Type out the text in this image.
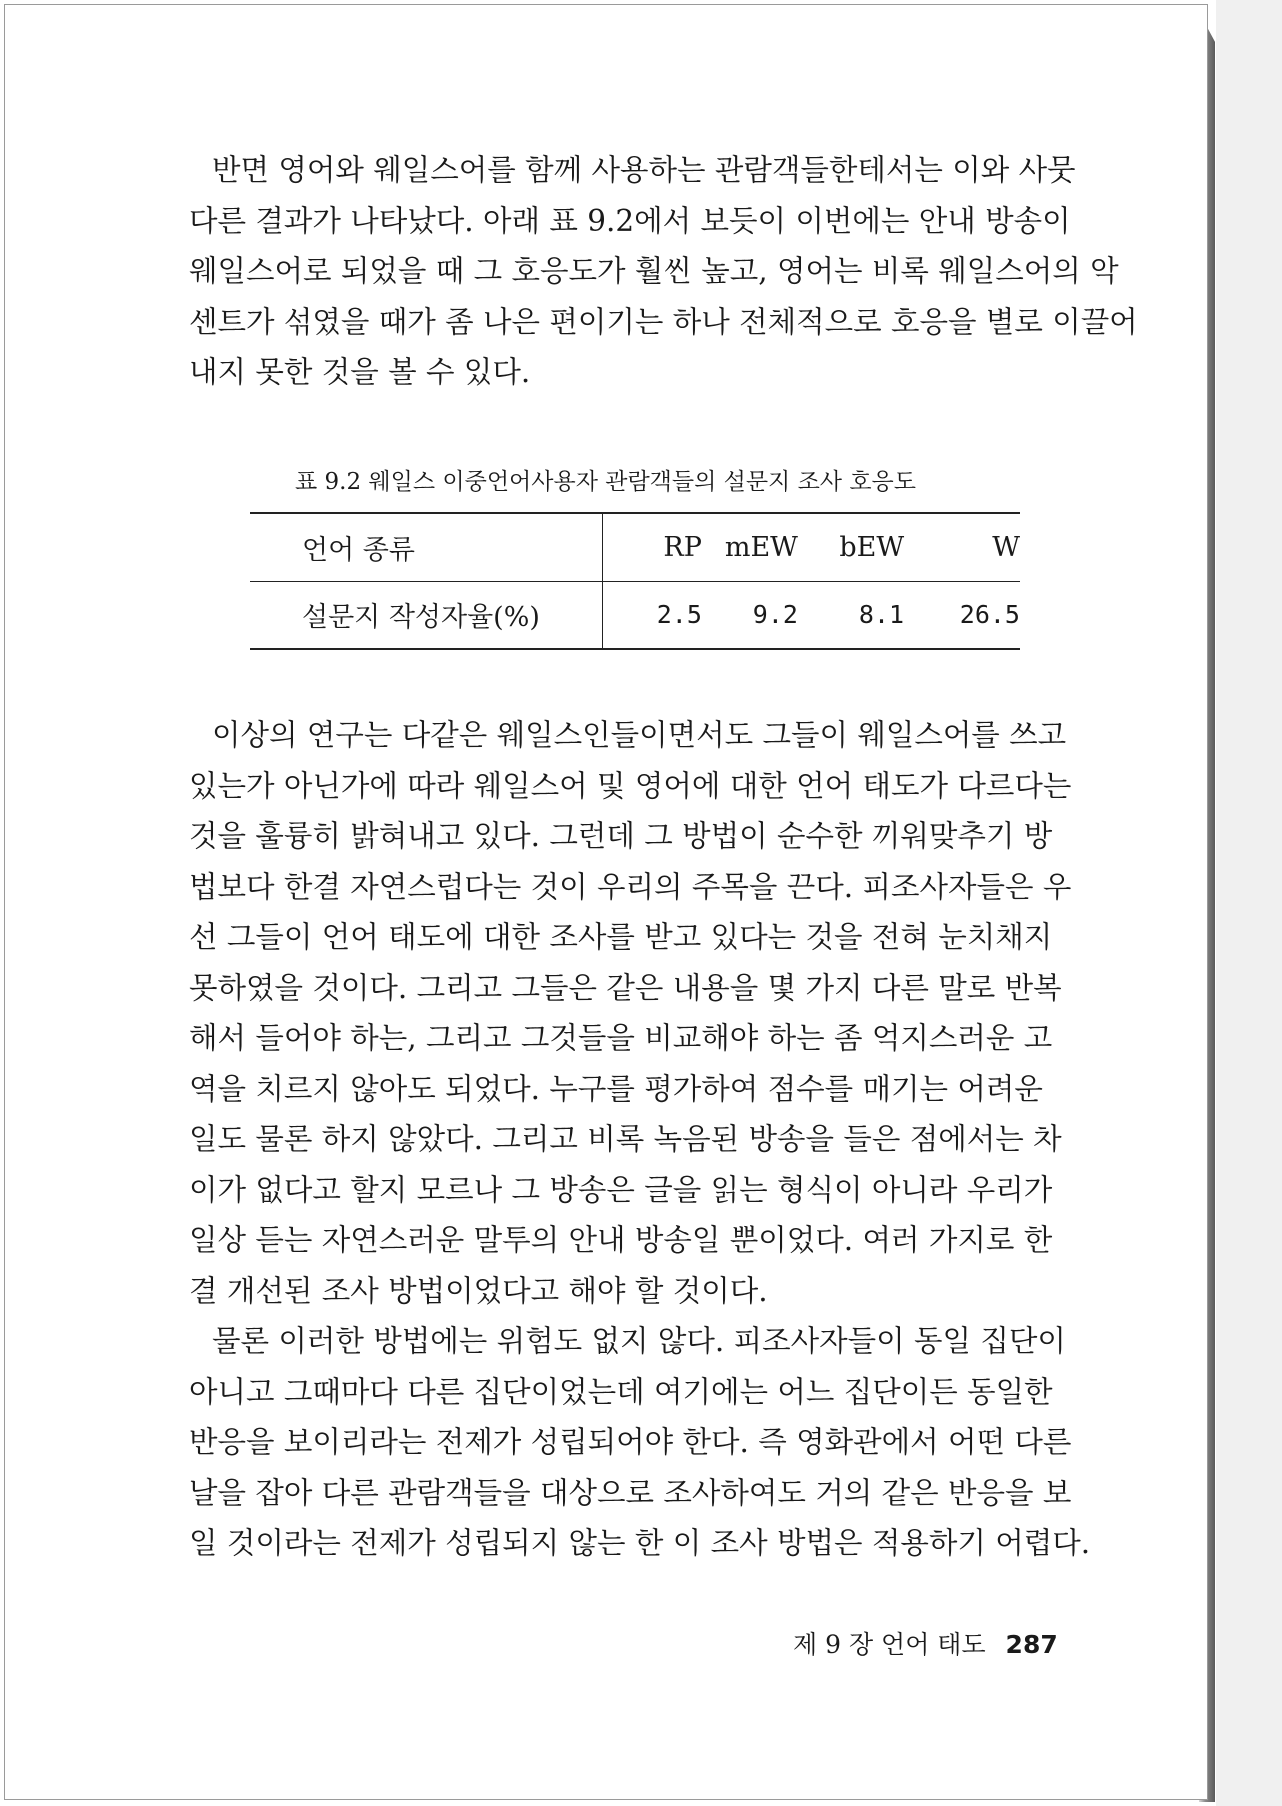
반면 영어와 웨일스어를 함께 사용하는 관람객들한테서는 이와 사뭇
다른 결과가 나타났다. 아래 표 9.2에서 보듯이 이번에는 안내 방송이
웨일스어로 되었을 때 그 호응도가 훨씬 높고, 영어는 비록 웨일스어의 악
센트가 섞였을 때가 좀 나은 편이기는 하나 전체적으로 호응을 별로 이끌어
내지 못한 것을 볼 수 있다.

표 9.2 웨일스 이중언어사용자 관람객들의 설문지 조사 호응도
언어 종류	RP	mEW	bEW	W
설문지 작성자율(%)	2.5	9.2	8.1	26.5

이상의 연구는 다같은 웨일스인들이면서도 그들이 웨일스어를 쓰고
있는가 아닌가에 따라 웨일스어 및 영어에 대한 언어 태도가 다르다는
것을 훌륭히 밝혀내고 있다. 그런데 그 방법이 순수한 끼워맞추기 방
법보다 한결 자연스럽다는 것이 우리의 주목을 끈다. 피조사자들은 우
선 그들이 언어 태도에 대한 조사를 받고 있다는 것을 전혀 눈치채지
못하였을 것이다. 그리고 그들은 같은 내용을 몇 가지 다른 말로 반복
해서 들어야 하는, 그리고 그것들을 비교해야 하는 좀 억지스러운 고
역을 치르지 않아도 되었다. 누구를 평가하여 점수를 매기는 어려운
일도 물론 하지 않았다. 그리고 비록 녹음된 방송을 들은 점에서는 차
이가 없다고 할지 모르나 그 방송은 글을 읽는 형식이 아니라 우리가
일상 듣는 자연스러운 말투의 안내 방송일 뿐이었다. 여러 가지로 한
결 개선된 조사 방법이었다고 해야 할 것이다.

물론 이러한 방법에는 위험도 없지 않다. 피조사자들이 동일 집단이
아니고 그때마다 다른 집단이었는데 여기에는 어느 집단이든 동일한
반응을 보이리라는 전제가 성립되어야 한다. 즉 영화관에서 어떤 다른
날을 잡아 다른 관람객들을 대상으로 조사하여도 거의 같은 반응을 보
일 것이라는 전제가 성립되지 않는 한 이 조사 방법은 적용하기 어렵다.

제 9 장 언어 태도 287
